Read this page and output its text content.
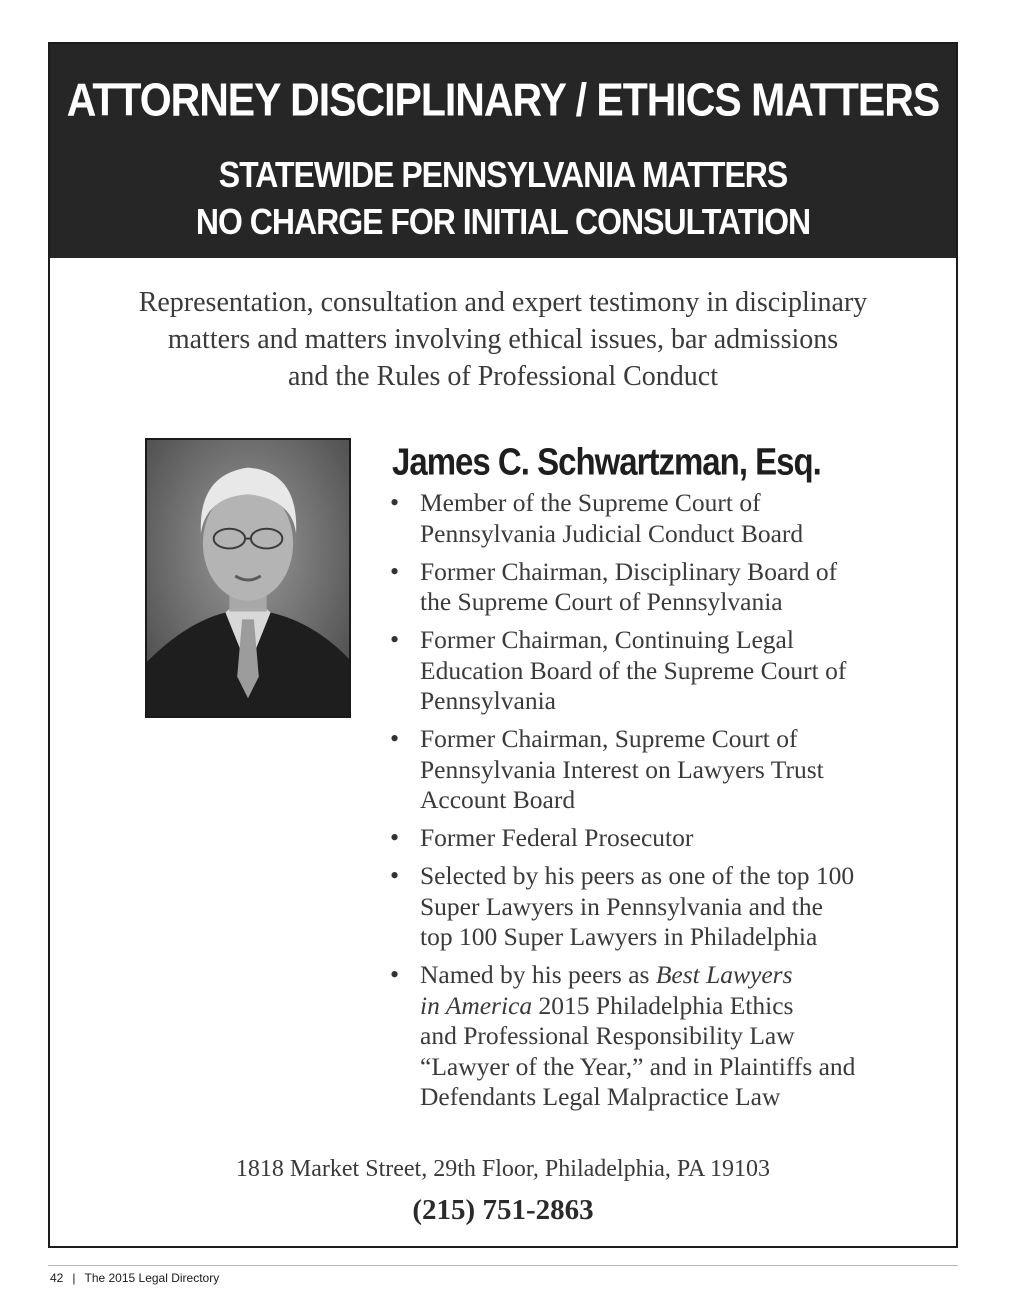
ATTORNEY DISCIPLINARY / ETHICS MATTERS
STATEWIDE PENNSYLVANIA MATTERS
NO CHARGE FOR INITIAL CONSULTATION
Representation, consultation and expert testimony in disciplinary
matters and matters involving ethical issues, bar admissions
and the Rules of Professional Conduct
James C. Schwartzman, Esq.
• Member of the Supreme Court of
Pennsylvania Judicial Conduct Board
• Former Chairman, Disciplinary Board of
the Supreme Court of Pennsylvania
• Former Chairman, Continuing Legal
Education Board of the Supreme Court of
Pennsylvania
• Former Chairman, Supreme Court of
Pennsylvania Interest on Lawyers Trust
Account Board
• Former Federal Prosecutor
• Selected by his peers as one of the top 100
Super Lawyers in Pennsylvania and the
top 100 Super Lawyers in Philadelphia
• Named by his peers as Best Lawyers
in America 2015 Philadelphia Ethics
and Professional Responsibility Law
“Lawyer of the Year,” and in Plaintiffs and
Defendants Legal Malpractice Law
1818 Market Street, 29th Floor, Philadelphia, PA 19103
(215) 751-2863
42 | The 2015 Legal Directory
